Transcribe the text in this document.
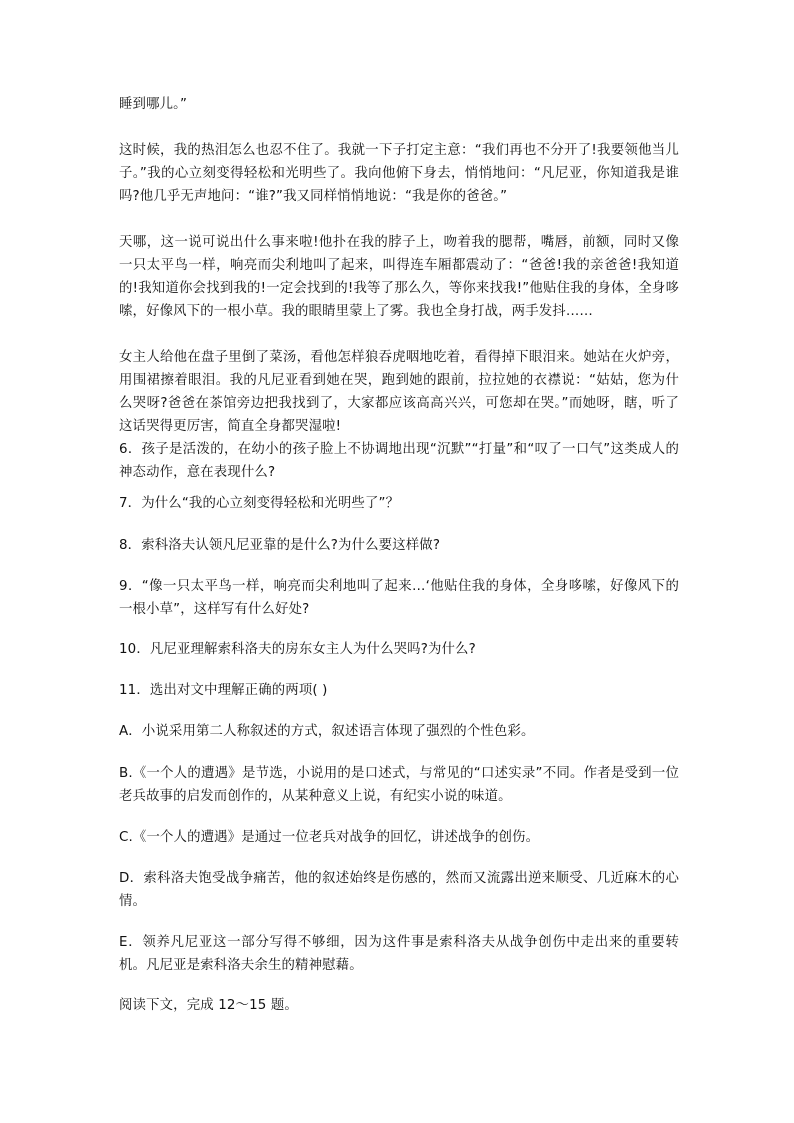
睡到哪儿。”

这时候，我的热泪怎么也忍不住了。我就一下子打定主意：“我们再也不分开了!我要领他当儿子。”我的心立刻变得轻松和光明些了。我向他俯下身去，悄悄地问：“凡尼亚，你知道我是谁吗?他几乎无声地问：“谁?”我又同样悄悄地说：“我是你的爸爸。”

天哪，这一说可说出什么事来啦!他扑在我的脖子上，吻着我的腮帮，嘴唇，前额，同时又像一只太平鸟一样，响亮而尖利地叫了起来，叫得连车厢都震动了：“爸爸!我的亲爸爸!我知道的!我知道你会找到我的!一定会找到的!我等了那么久，等你来找我!”他贴住我的身体，全身哆嗦，好像风下的一根小草。我的眼睛里蒙上了雾。我也全身打战，两手发抖……

女主人给他在盘子里倒了菜汤，看他怎样狼吞虎咽地吃着，看得掉下眼泪来。她站在火炉旁，用围裙擦着眼泪。我的凡尼亚看到她在哭，跑到她的跟前，拉拉她的衣襟说：“姑姑，您为什么哭呀?爸爸在茶馆旁边把我找到了，大家都应该高高兴兴，可您却在哭。”而她呀，瞎，听了这话哭得更厉害，简直全身都哭湿啦!

6．孩子是活泼的，在幼小的孩子脸上不协调地出现“沉默”“打量”和“叹了一口气”这类成人的神态动作，意在表现什么?

7．为什么“我的心立刻变得轻松和光明些了”？

8．索科洛夫认领凡尼亚靠的是什么?为什么要这样做?

9．“像一只太平鸟一样，响亮而尖利地叫了起来…‘他贴住我的身体，全身哆嗦，好像风下的一根小草”，这样写有什么好处?

10．凡尼亚理解索科洛夫的房东女主人为什么哭吗?为什么?

11．选出对文中理解正确的两项( )

A．小说采用第二人称叙述的方式，叙述语言体现了强烈的个性色彩。

B.《一个人的遭遇》是节选，小说用的是口述式，与常见的“口述实录”不同。作者是受到一位老兵故事的启发而创作的，从某种意义上说，有纪实小说的味道。

C.《一个人的遭遇》是通过一位老兵对战争的回忆，讲述战争的创伤。

D．索科洛夫饱受战争痛苦，他的叙述始终是伤感的，然而又流露出逆来顺受、几近麻木的心情。

E．领养凡尼亚这一部分写得不够细，因为这件事是索科洛夫从战争创伤中走出来的重要转机。凡尼亚是索科洛夫余生的精神慰藉。

阅读下文，完成 12～15 题。
